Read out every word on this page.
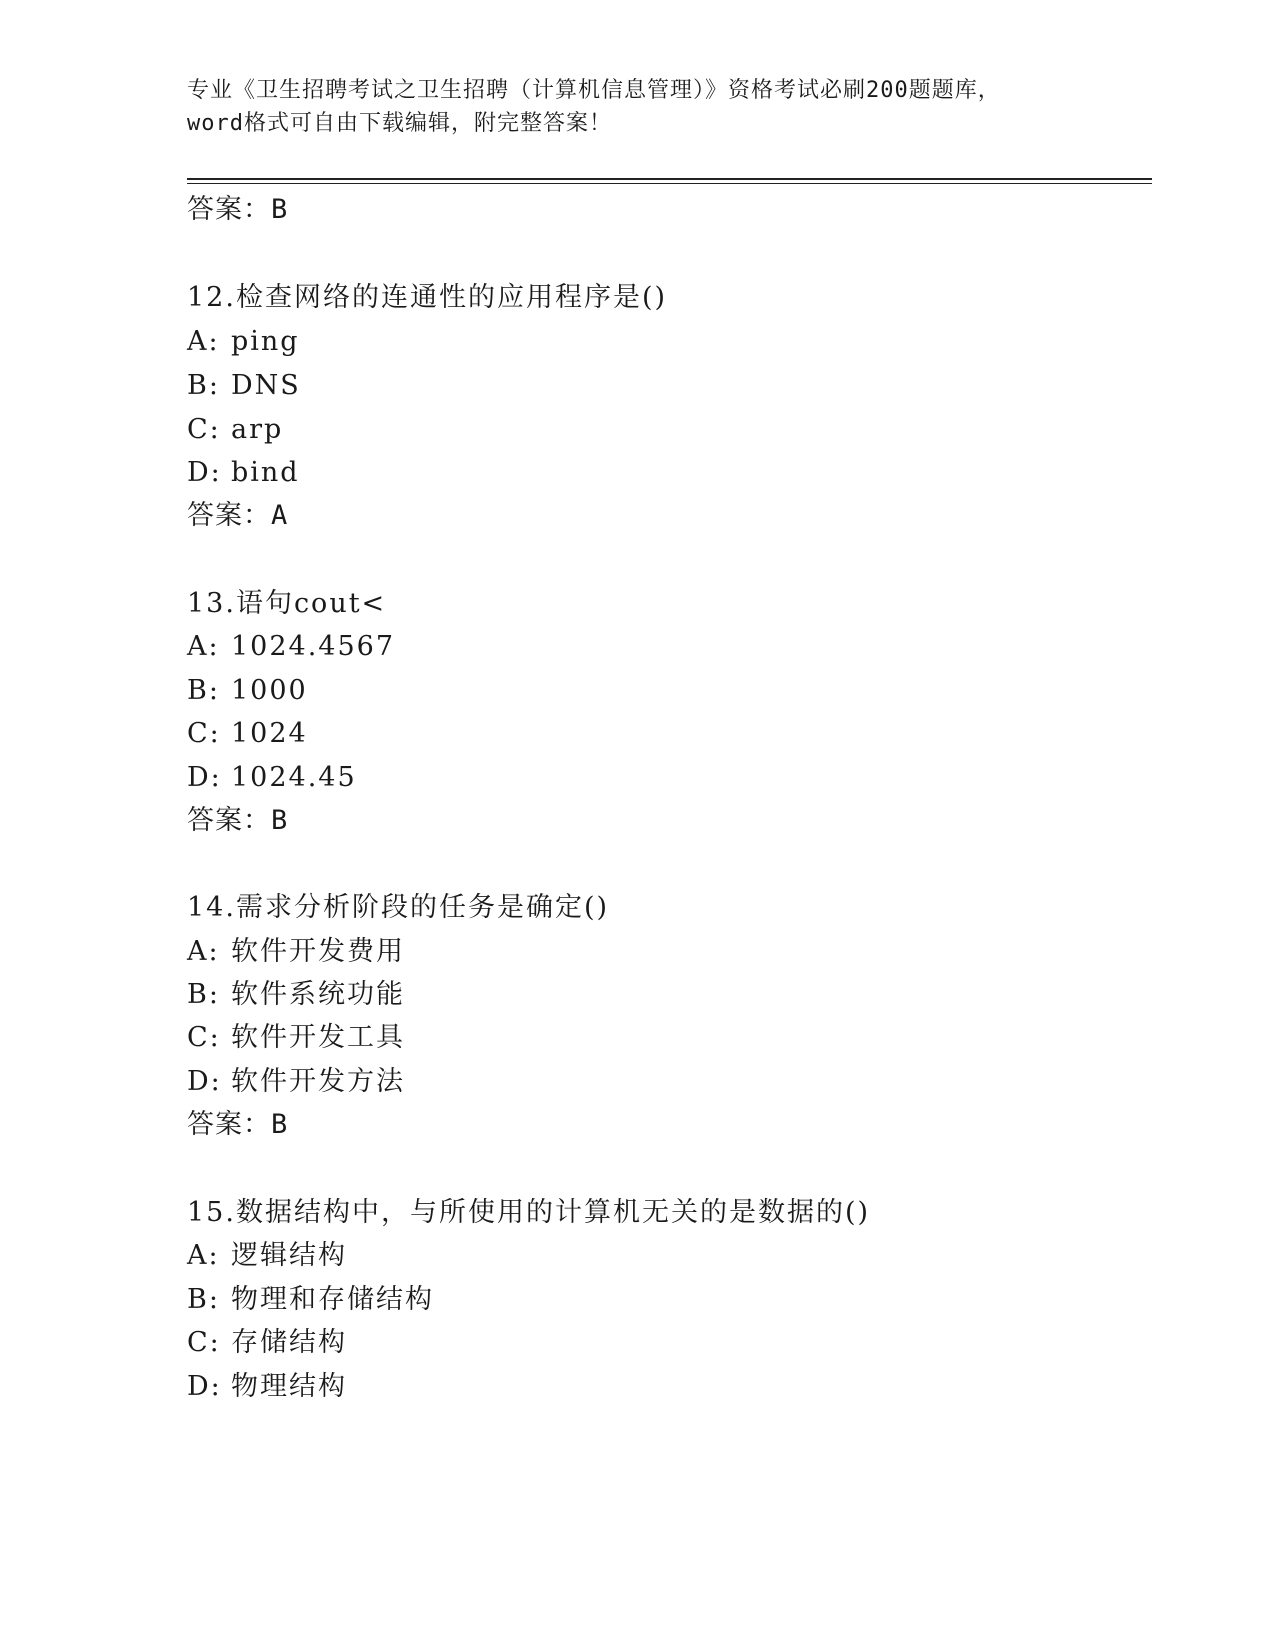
专业《卫生招聘考试之卫生招聘（计算机信息管理）》资格考试必刷200题题库，
word格式可自由下载编辑，附完整答案！
答案：B
12.检查网络的连通性的应用程序是()
A: ping
B: DNS
C: arp
D: bind
答案：A
13.语句cout<
A: 1024.4567
B: 1000
C: 1024
D: 1024.45
答案：B
14.需求分析阶段的任务是确定()
A: 软件开发费用
B: 软件系统功能
C: 软件开发工具
D: 软件开发方法
答案：B
15.数据结构中，与所使用的计算机无关的是数据的()
A: 逻辑结构
B: 物理和存储结构
C: 存储结构
D: 物理结构
